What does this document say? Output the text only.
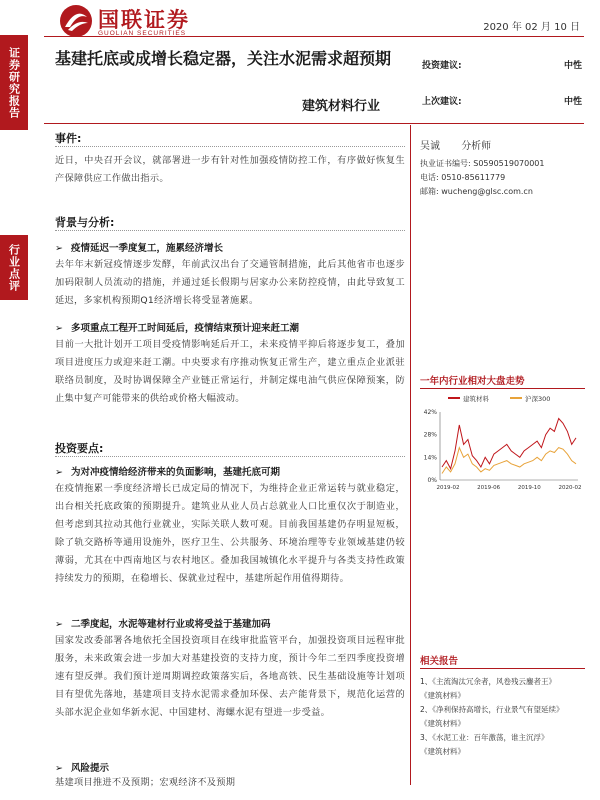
证券研究报告
行业点评
国联证券
GUOLIAN SECURITIES
2020 年 02 月 10 日
基建托底或成增长稳定器，关注水泥需求超预期
建筑材料行业
投资建议:	中性
上次建议:	中性
事件:
近日，中央召开会议，就部署进一步有针对性加强疫情防控工作，有序做好恢复生产保障供应工作做出指示。
背景与分析:
➢ 疫情延迟一季度复工，施累经济增长
去年年末新冠疫情逐步发酵，年前武汉出台了交通管制措施，此后其他省市也逐步加码限制人员流动的措施，并通过延长假期与居家办公来防控疫情，由此导致复工延迟，多家机构预期Q1经济增长将受显著施累。
➢ 多项重点工程开工时间延后，疫情结束预计迎来赶工潮
目前一大批计划开工项目受疫情影响延后开工，未来疫情平抑后将逐步复工，叠加项目进度压力或迎来赶工潮。中央要求有序推动恢复正常生产，建立重点企业派驻联络员制度，及时协调保障全产业链正常运行，并制定煤电油气供应保障预案，防止集中复产可能带来的供给或价格大幅波动。
投资要点:
➢ 为对冲疫情给经济带来的负面影响，基建托底可期
在疫情拖累一季度经济增长已成定局的情况下，为维持企业正常运转与就业稳定，出台相关托底政策的预期提升。建筑业从业人员占总就业人口比重仅次于制造业，但考虑到其拉动其他行业就业，实际关联人数可观。目前我国基建仍存明显短板，除了轨交路桥等通用设施外，医疗卫生、公共服务、环境治理等专业领域基建仍较薄弱，尤其在中西南地区与农村地区。叠加我国城镇化水平提升与各类支持性政策持续发力的预期，在稳增长、保就业过程中，基建所起作用值得期待。
➢ 二季度起，水泥等建材行业或将受益于基建加码
国家发改委部署各地依托全国投资项目在线审批监管平台，加强投资项目远程审批服务，未来政策会进一步加大对基建投资的支持力度，预计今年二至四季度投资增速有望反弹。我们预计逆周期调控政策落实后，各地高铁、民生基础设施等计划项目有望优先落地，基建项目支持水泥需求叠加环保、去产能背景下，规范化运营的头部水泥企业如华新水泥、中国建材、海螺水泥有望进一步受益。
➢ 风险提示
基建项目推进不及预期；宏观经济不及预期
吴诚 分析师
执业证书编号: S0590519070001
电话: 0510-85611779
邮箱: wucheng@glsc.com.cn
一年内行业相对大盘走势
建筑材料	沪深300
0%
14%
28%
42%
2019-02	2019-06	2019-10	2020-02
相关报告
1、《主流淘汰冗余者，风卷残云鏖者王》
《建筑材料》
2、《净利保持高增长，行业景气有望延续》
《建筑材料》
3、《水泥工业：百年激荡，谁主沉浮》
《建筑材料》
